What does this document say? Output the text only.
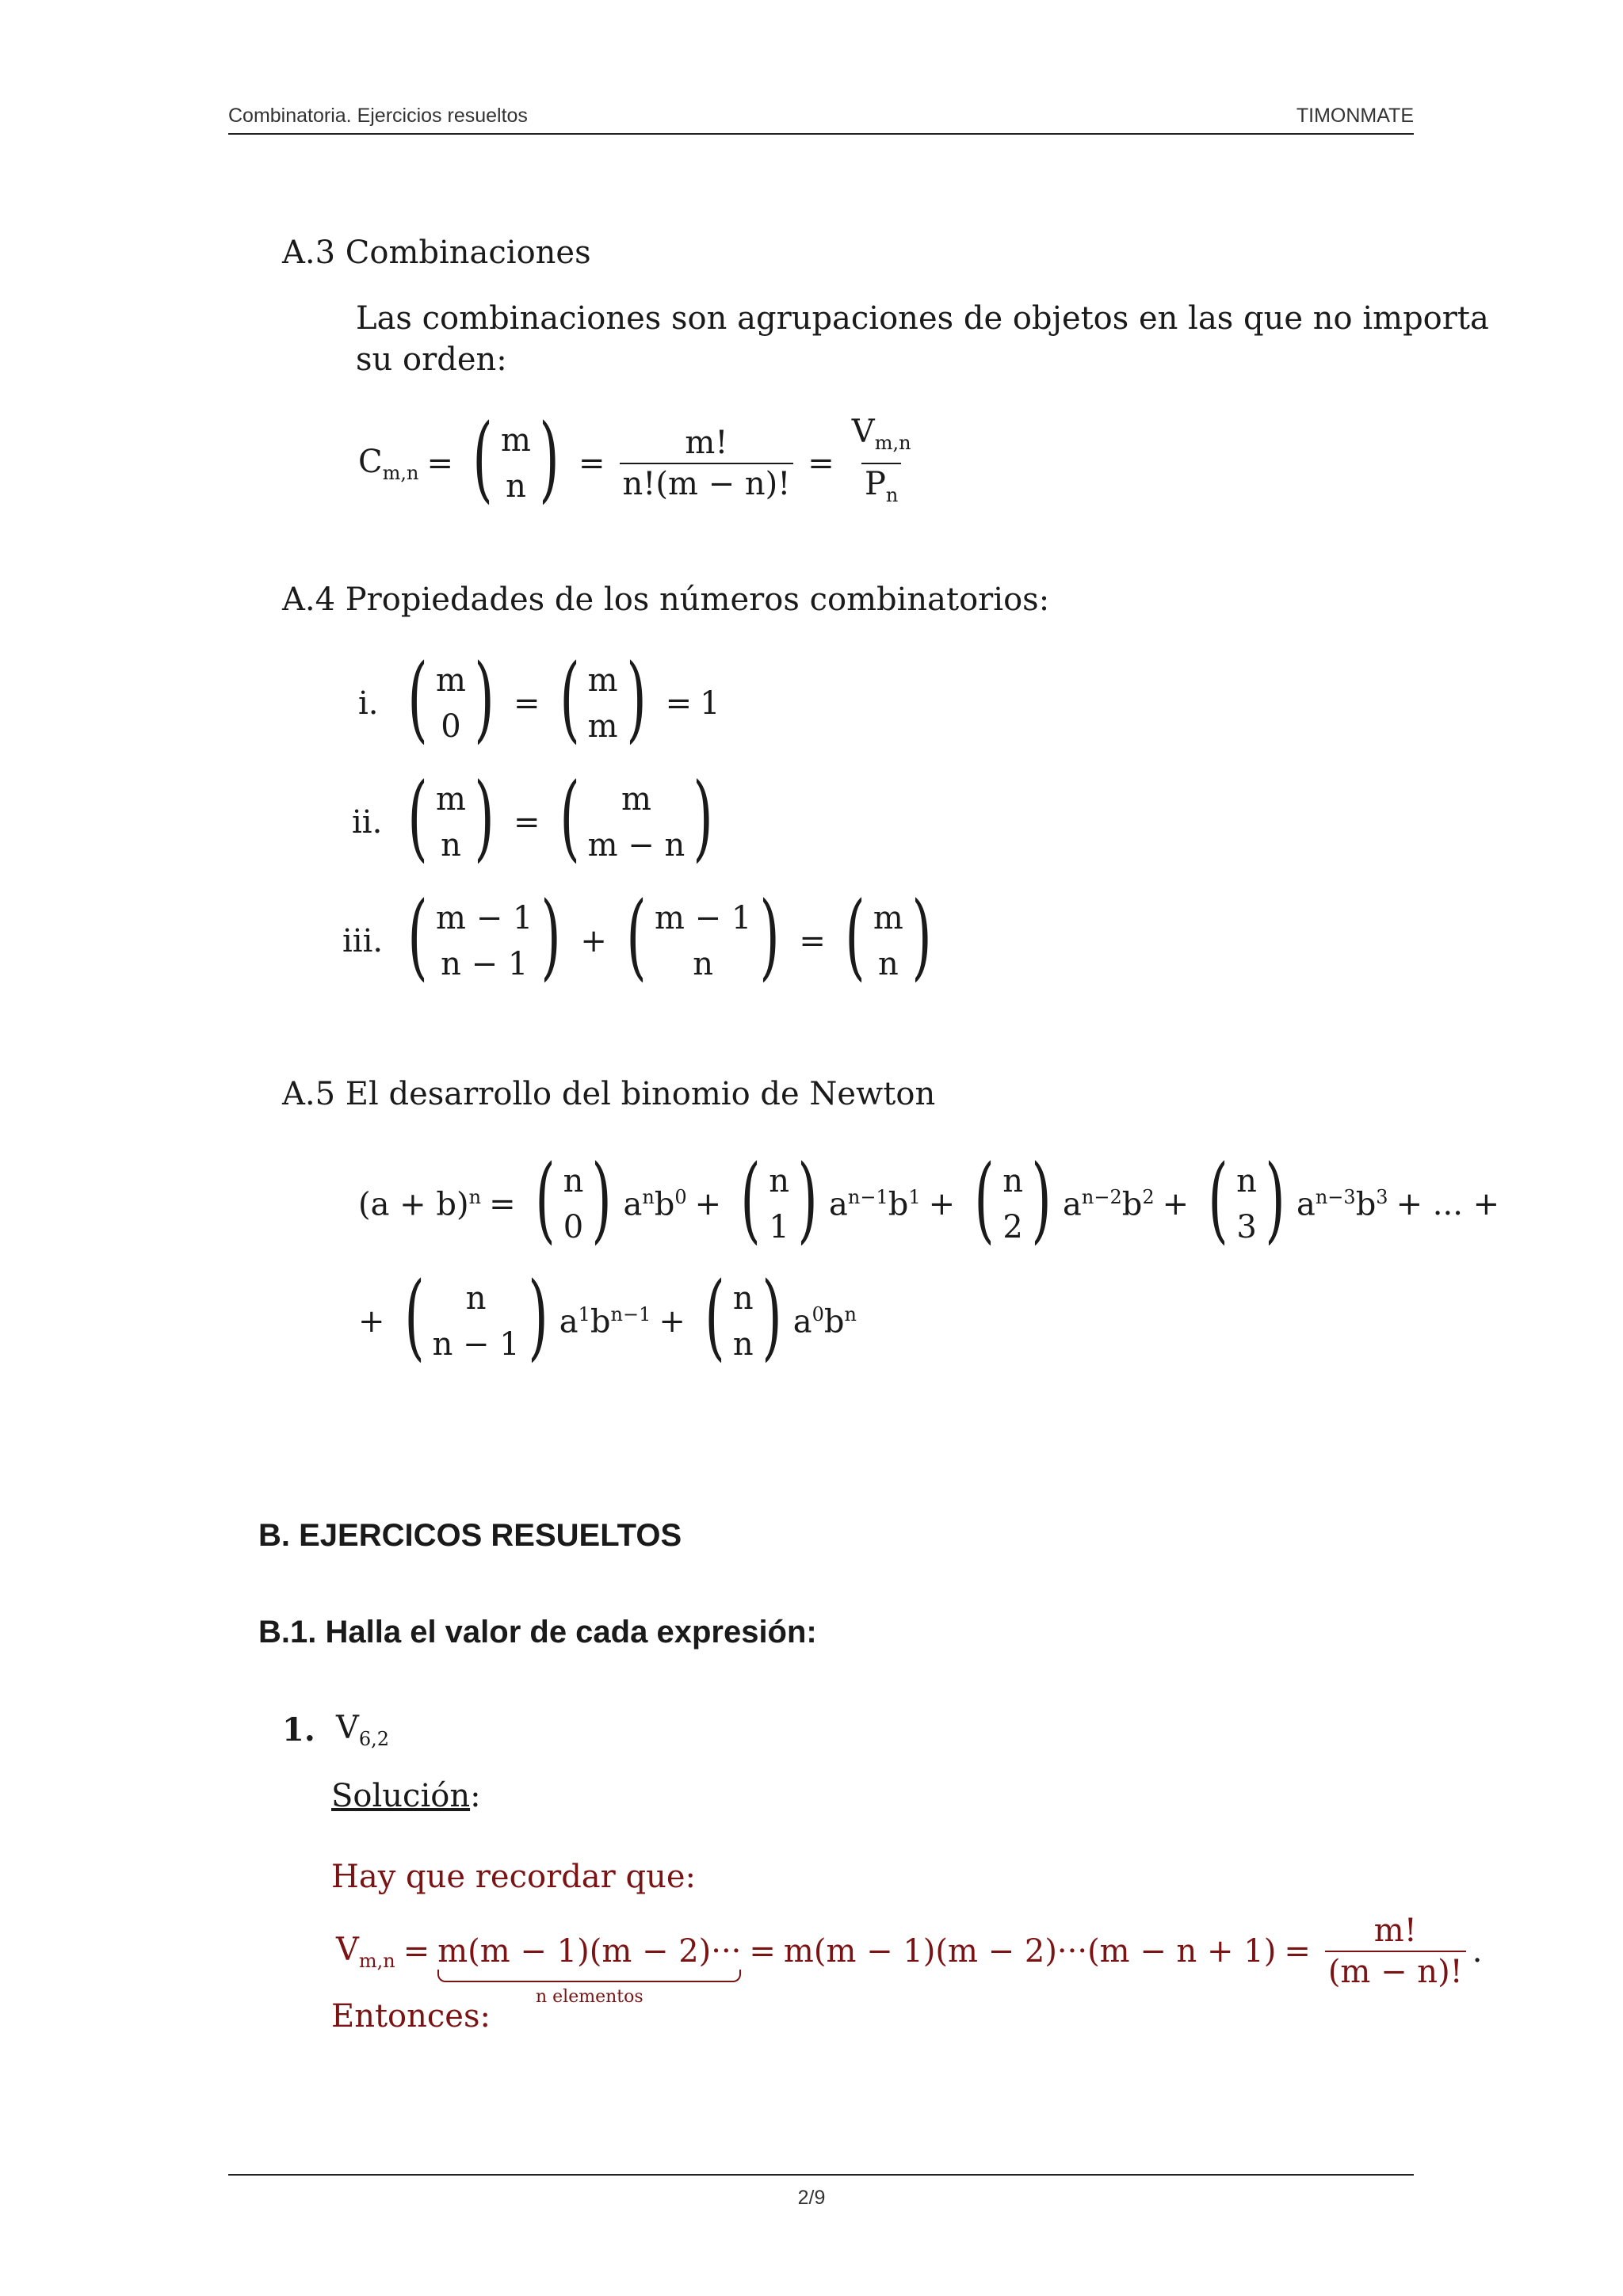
Combinatoria. Ejercicios resueltos	TIMONMATE
A.3 Combinaciones
Las combinaciones son agrupaciones de objetos en las que no importa
su orden:
$C_{m,n}$ = ( m
n ) = $\frac{m!}{n!(m - n)!} = \frac{V_{m,n}}{P_n}$
A.4 Propiedades de los números combinatorios:
i. ( m
0 ) = ( m
m ) = 1
ii. ( m
n ) = ( m
m − n )
iii. ( m − 1
n − 1 ) + ( m − 1
n ) = ( m
n )
A.5 El desarrollo del binomio de Newton
$(a + b)^n$ = ( n
0 ) $a^nb^0$ + ( n
1 ) $a^{n-1}b^1$ + ( n
2 ) $a^{n-2}b^2$ + ( n
3 ) $a^{n-3}b^3$ + ... +
+ ( n
n − 1 ) $a^1b^{n-1}$ + ( n
n ) $a^0b^n$
B. EJERCICOS RESUELTOS
B.1. Halla el valor de cada expresión:
1. $V_{6,2}$
Solución:
Hay que recordar que:
$V_{m,n} = m(m - 1)(m - 2)\cdot\cdot\cdot$
n elementos
= $m(m - 1)(m - 2)\cdot\cdot\cdot(m - n + 1) = \frac{m!}{(m - n)!}$ .
Entonces:
2/9
